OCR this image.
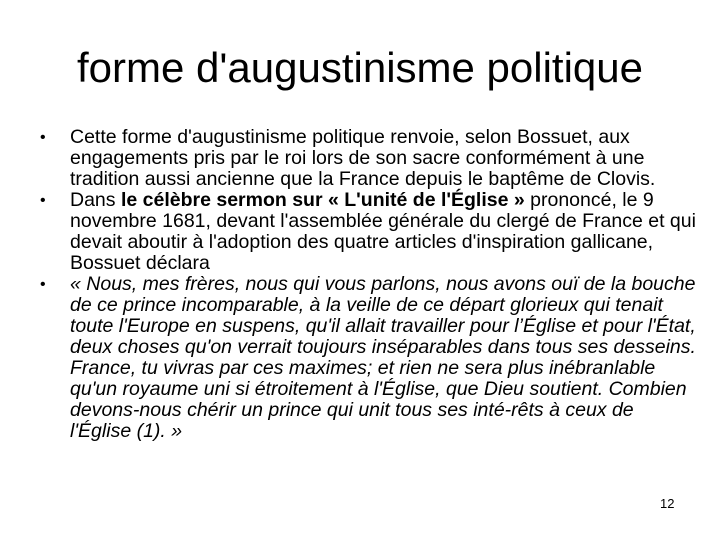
forme d'augustinisme politique
•	Cette forme d'augustinisme politique renvoie, selon Bossuet, aux engagements pris par le roi lors de son sacre conformément à une tradition aussi ancienne que la France depuis le baptême de Clovis.
•	Dans le célèbre sermon sur « L'unité de l'Église » prononcé, le 9 novembre 1681, devant l'assemblée générale du clergé de France et qui devait aboutir à l'adoption des quatre articles d'inspiration gallicane, Bossuet déclara
•	« Nous, mes frères, nous qui vous parlons, nous avons ouï de la bouche de ce prince incomparable, à la veille de ce départ glorieux qui tenait toute l'Europe en suspens, qu'il allait travailler pour l’Église et pour l'État, deux choses qu'on verrait toujours inséparables dans tous ses desseins. France, tu vivras par ces maximes; et rien ne sera plus inébranlable qu'un royaume uni si étroitement à l'Église, que Dieu soutient. Combien devons-nous chérir un prince qui unit tous ses inté-rêts à ceux de l'Église (1). »
12
